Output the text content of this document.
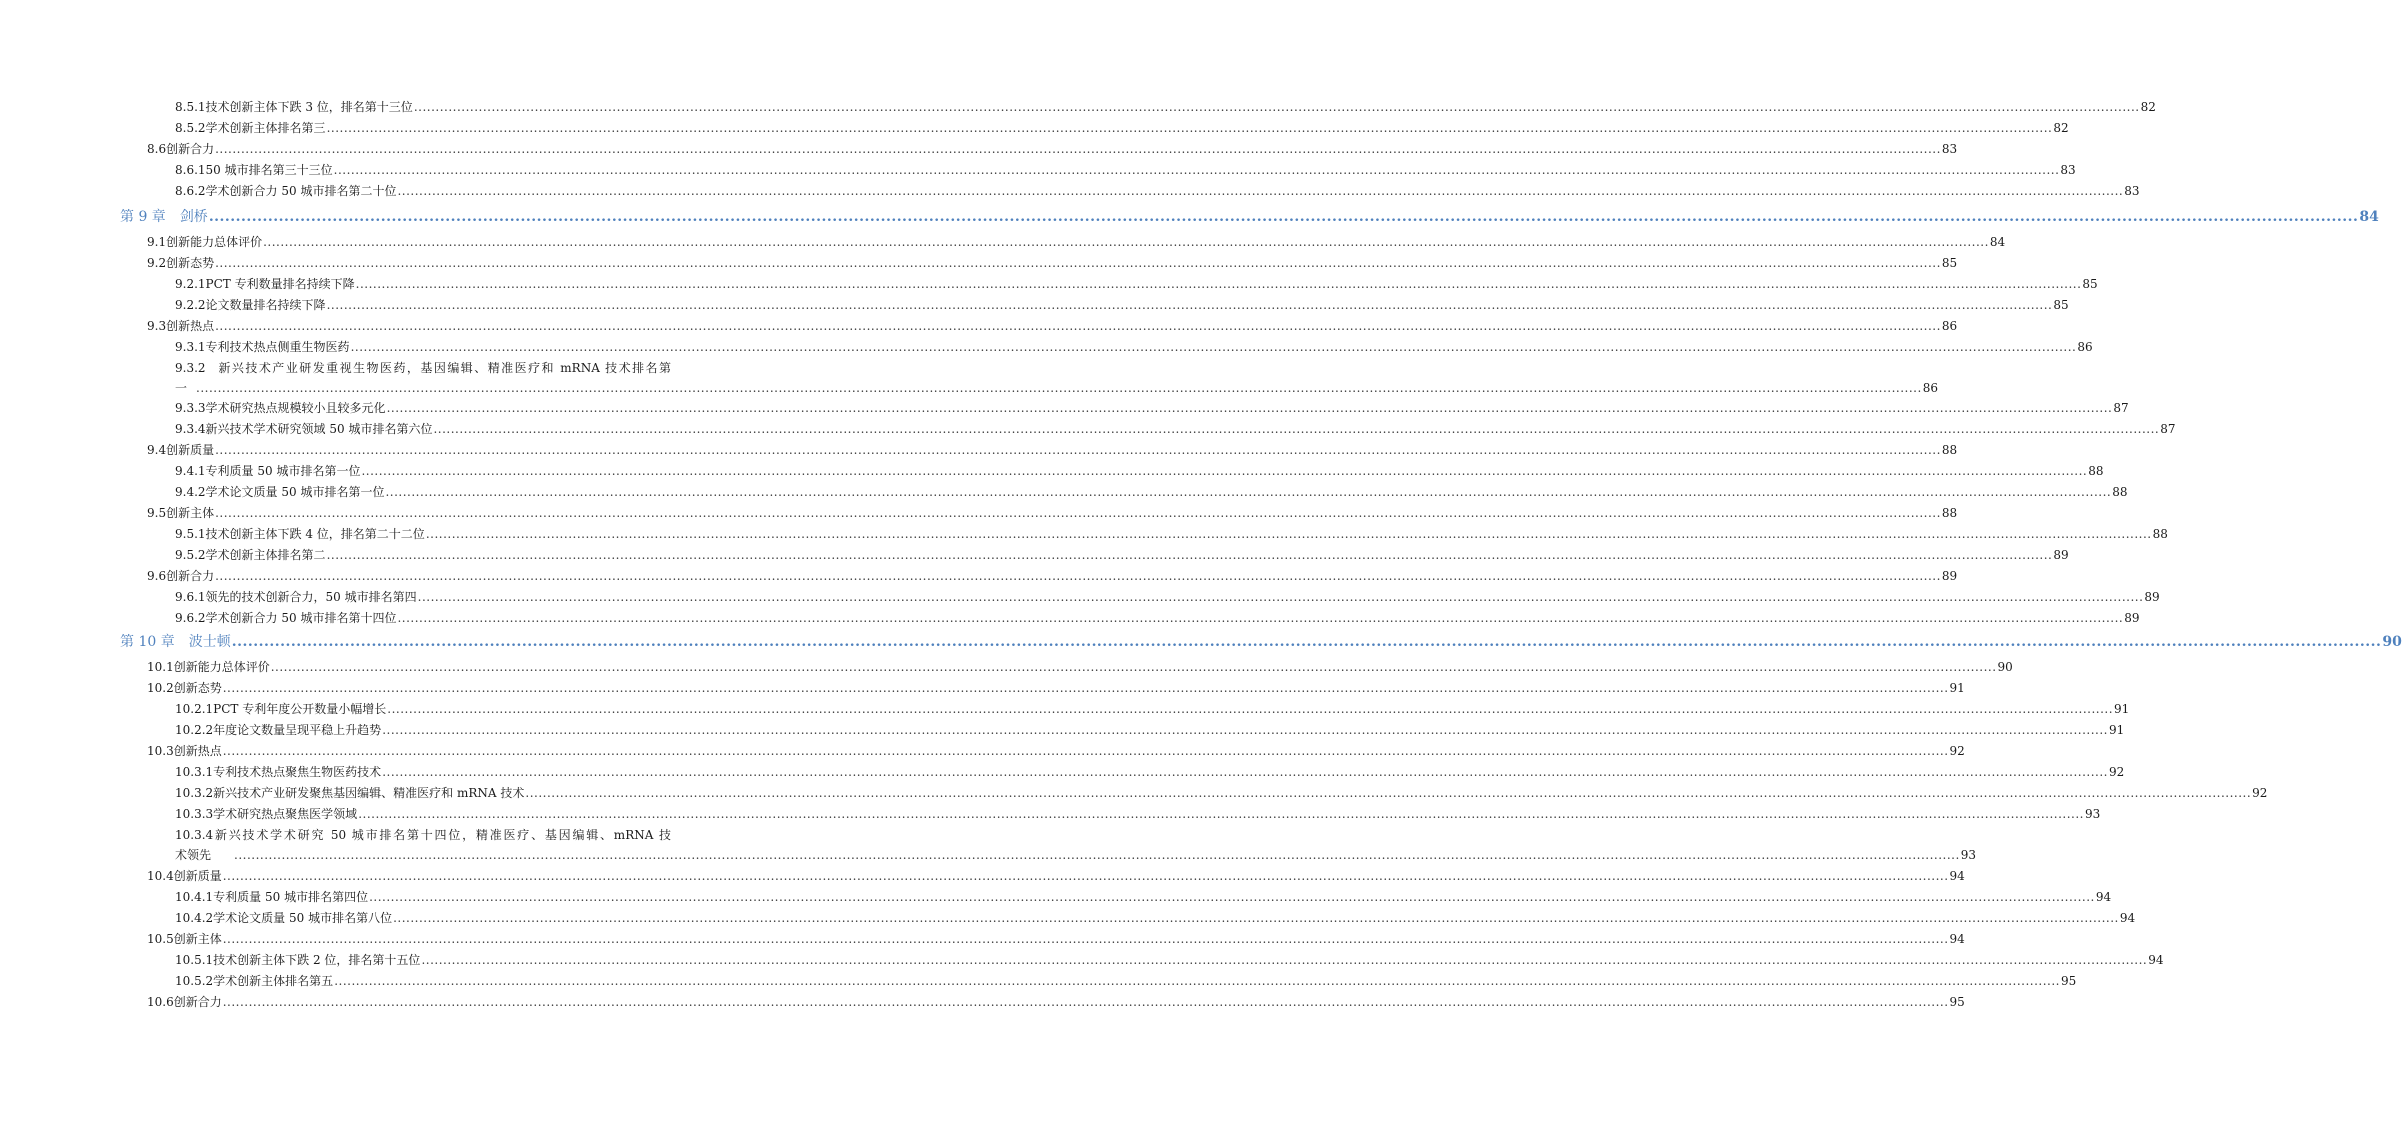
8.5.1 技术创新主体下跌 3 位，排名第十三位 ................................................................................................................................................................................................................................................................................................................................................................................................................ 82
8.5.2 学术创新主体排名第三 ................................................................................................................................................................................................................................................................................................................................................................................................................ 82
8.6 创新合力 ................................................................................................................................................................................................................................................................................................................................................................................................................ 83
8.6.1 50 城市排名第三十三位 ................................................................................................................................................................................................................................................................................................................................................................................................................ 83
8.6.2 学术创新合力 50 城市排名第二十位 ................................................................................................................................................................................................................................................................................................................................................................................................................ 83
第 9 章 剑桥 ................................................................................................................................................................................................................................................................................................................................................................................................................ 84
9.1 创新能力总体评价 ................................................................................................................................................................................................................................................................................................................................................................................................................ 84
9.2 创新态势 ................................................................................................................................................................................................................................................................................................................................................................................................................ 85
9.2.1 PCT 专利数量排名持续下降 ................................................................................................................................................................................................................................................................................................................................................................................................................ 85
9.2.2 论文数量排名持续下降 ................................................................................................................................................................................................................................................................................................................................................................................................................ 85
9.3 创新热点 ................................................................................................................................................................................................................................................................................................................................................................................................................ 86
9.3.1 专利技术热点侧重生物医药 ................................................................................................................................................................................................................................................................................................................................................................................................................ 86
9.3.2 新兴技术产业研发重视生物医药，基因编辑、精准医疗和 mRNA 技术排名第
一 ................................................................................................................................................................................................................................................................................................................................................................................................................ 86
9.3.3 学术研究热点规模较小且较多元化 ................................................................................................................................................................................................................................................................................................................................................................................................................ 87
9.3.4 新兴技术学术研究领域 50 城市排名第六位 ................................................................................................................................................................................................................................................................................................................................................................................................................ 87
9.4 创新质量 ................................................................................................................................................................................................................................................................................................................................................................................................................ 88
9.4.1 专利质量 50 城市排名第一位 ................................................................................................................................................................................................................................................................................................................................................................................................................ 88
9.4.2 学术论文质量 50 城市排名第一位 ................................................................................................................................................................................................................................................................................................................................................................................................................ 88
9.5 创新主体 ................................................................................................................................................................................................................................................................................................................................................................................................................ 88
9.5.1 技术创新主体下跌 4 位，排名第二十二位 ................................................................................................................................................................................................................................................................................................................................................................................................................ 88
9.5.2 学术创新主体排名第二 ................................................................................................................................................................................................................................................................................................................................................................................................................ 89
9.6 创新合力 ................................................................................................................................................................................................................................................................................................................................................................................................................ 89
9.6.1 领先的技术创新合力，50 城市排名第四 ................................................................................................................................................................................................................................................................................................................................................................................................................ 89
9.6.2 学术创新合力 50 城市排名第十四位 ................................................................................................................................................................................................................................................................................................................................................................................................................ 89
第 10 章 波士顿 ................................................................................................................................................................................................................................................................................................................................................................................................................ 90
10.1 创新能力总体评价 ................................................................................................................................................................................................................................................................................................................................................................................................................ 90
10.2 创新态势 ................................................................................................................................................................................................................................................................................................................................................................................................................ 91
10.2.1 PCT 专利年度公开数量小幅增长 ................................................................................................................................................................................................................................................................................................................................................................................................................ 91
10.2.2 年度论文数量呈现平稳上升趋势 ................................................................................................................................................................................................................................................................................................................................................................................................................ 91
10.3 创新热点 ................................................................................................................................................................................................................................................................................................................................................................................................................ 92
10.3.1 专利技术热点聚焦生物医药技术 ................................................................................................................................................................................................................................................................................................................................................................................................................ 92
10.3.2 新兴技术产业研发聚焦基因编辑、精准医疗和 mRNA 技术 ................................................................................................................................................................................................................................................................................................................................................................................................................ 92
10.3.3 学术研究热点聚焦医学领域 ................................................................................................................................................................................................................................................................................................................................................................................................................ 93
10.3.4新兴技术学术研究 50 城市排名第十四位，精准医疗、基因编辑、mRNA 技
术领先 ................................................................................................................................................................................................................................................................................................................................................................................................................ 93
10.4 创新质量 ................................................................................................................................................................................................................................................................................................................................................................................................................ 94
10.4.1 专利质量 50 城市排名第四位 ................................................................................................................................................................................................................................................................................................................................................................................................................ 94
10.4.2 学术论文质量 50 城市排名第八位 ................................................................................................................................................................................................................................................................................................................................................................................................................ 94
10.5 创新主体 ................................................................................................................................................................................................................................................................................................................................................................................................................ 94
10.5.1 技术创新主体下跌 2 位，排名第十五位 ................................................................................................................................................................................................................................................................................................................................................................................................................ 94
10.5.2 学术创新主体排名第五 ................................................................................................................................................................................................................................................................................................................................................................................................................ 95
10.6 创新合力 ................................................................................................................................................................................................................................................................................................................................................................................................................ 95
